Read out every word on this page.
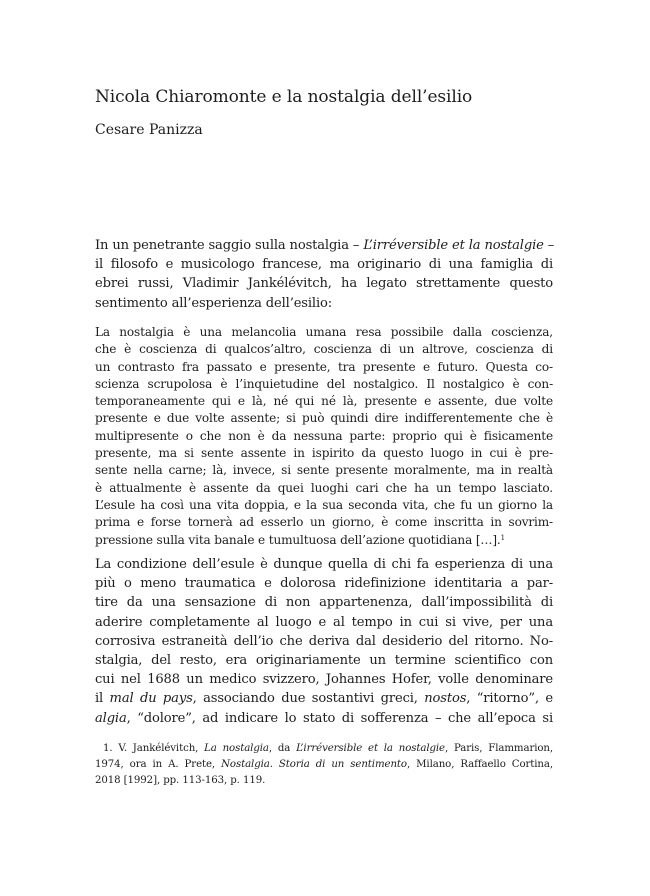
Nicola Chiaromonte e la nostalgia dell’esilio
Cesare Panizza
In un penetrante saggio sulla nostalgia – L’irréversible et la nostalgie –
il filosofo e musicologo francese, ma originario di una famiglia di
ebrei russi, Vladimir Jankélévitch, ha legato strettamente questo
sentimento all’esperienza dell’esilio:
La nostalgia è una melancolia umana resa possibile dalla coscienza,
che è coscienza di qualcos’altro, coscienza di un altrove, coscienza di
un contrasto fra passato e presente, tra presente e futuro. Questa co-
scienza scrupolosa è l’inquietudine del nostalgico. Il nostalgico è con-
temporaneamente qui e là, né qui né là, presente e assente, due volte
presente e due volte assente; si può quindi dire indifferentemente che è
multipresente o che non è da nessuna parte: proprio qui è fisicamente
presente, ma si sente assente in ispirito da questo luogo in cui è pre-
sente nella carne; là, invece, si sente presente moralmente, ma in realtà
è attualmente è assente da quei luoghi cari che ha un tempo lasciato.
L’esule ha così una vita doppia, e la sua seconda vita, che fu un giorno la
prima e forse tornerà ad esserlo un giorno, è come inscritta in sovrim-
pressione sulla vita banale e tumultuosa dell’azione quotidiana […].$^1$
La condizione dell’esule è dunque quella di chi fa esperienza di una
più o meno traumatica e dolorosa ridefinizione identitaria a par-
tire da una sensazione di non appartenenza, dall’impossibilità di
aderire completamente al luogo e al tempo in cui si vive, per una
corrosiva estraneità dell’io che deriva dal desiderio del ritorno. No-
stalgia, del resto, era originariamente un termine scientifico con
cui nel 1688 un medico svizzero, Johannes Hofer, volle denominare
il mal du pays, associando due sostantivi greci, nostos, “ritorno”, e
algia, “dolore”, ad indicare lo stato di sofferenza – che all’epoca si
1. V. Jankélévitch, La nostalgia, da L’irréversible et la nostalgie, Paris, Flammarion,
1974, ora in A. Prete, Nostalgia. Storia di un sentimento, Milano, Raffaello Cortina,
2018 [1992], pp. 113-163, p. 119.
